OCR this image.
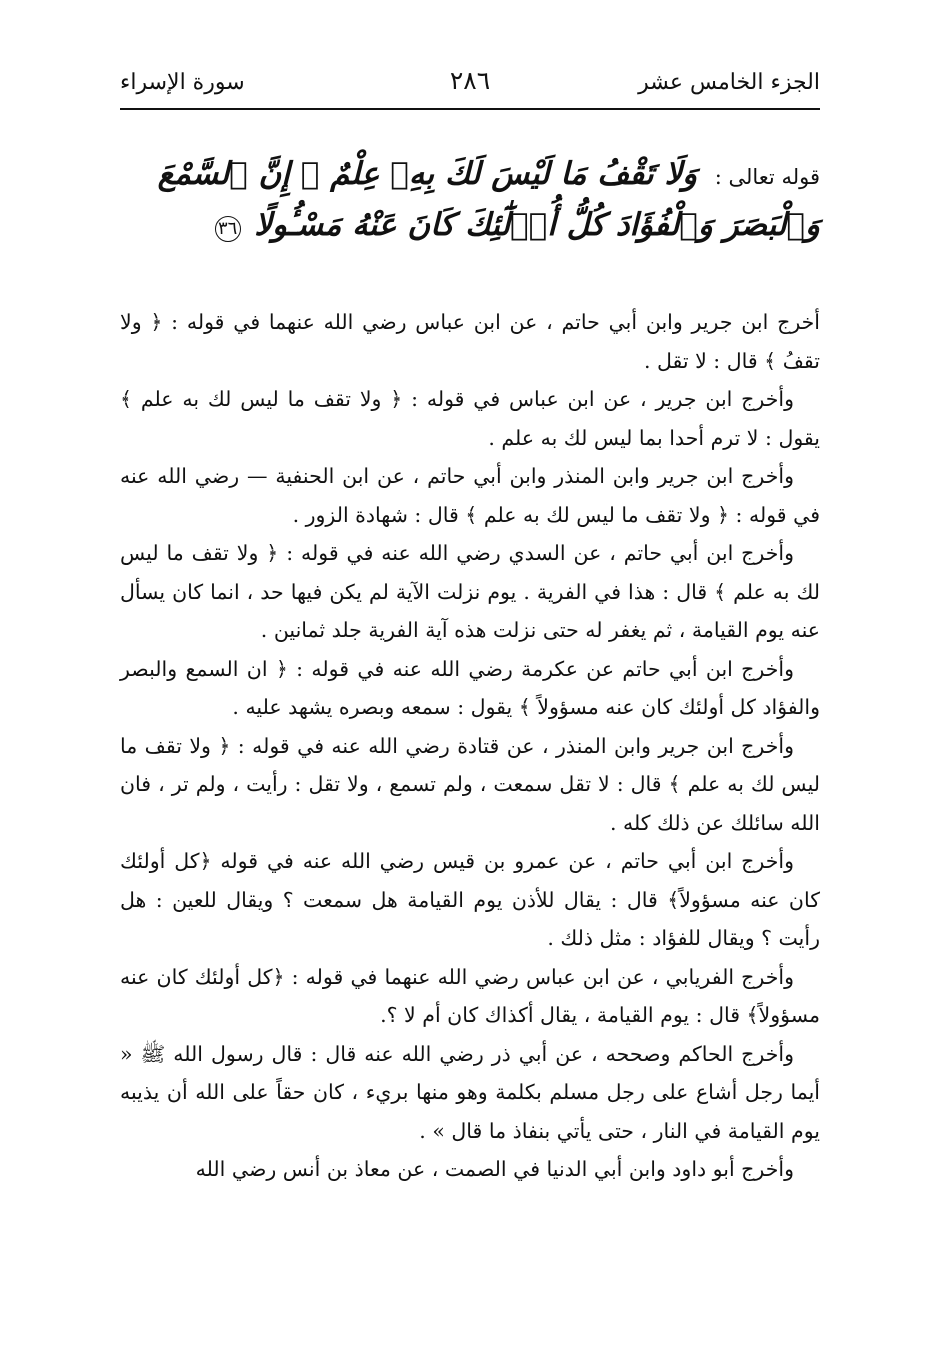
الجزء الخامس عشر
٢٨٦
سورة الإسراء
قوله تعالى : وَلَا تَقْفُ مَا لَيْسَ لَكَ بِهِۦ عِلْمٌ ۚ إِنَّ ٱلسَّمْعَ وَٱلْبَصَرَ وَٱلْفُؤَادَ كُلُّ أُو۟لَٰٓئِكَ كَانَ عَنْهُ مَسْـُٔولًا ٣٦

أخرج ابن جرير وابن أبي حاتم ، عن ابن عباس رضي الله عنهما في قوله : ﴿ ولا تقفُ ﴾ قال : لا تقل .

وأخرج ابن جرير ، عن ابن عباس في قوله : ﴿ ولا تقف ما ليس لك به علم ﴾ يقول : لا ترم أحدا بما ليس لك به علم .

وأخرج ابن جرير وابن المنذر وابن أبي حاتم ، عن ابن الحنفية — رضي الله عنه في قوله : ﴿ ولا تقف ما ليس لك به علم ﴾ قال : شهادة الزور .

وأخرج ابن أبي حاتم ، عن السدي رضي الله عنه في قوله : ﴿ ولا تقف ما ليس لك به علم ﴾ قال : هذا في الفرية . يوم نزلت الآية لم يكن فيها حد ، انما كان يسأل عنه يوم القيامة ، ثم يغفر له حتى نزلت هذه آية الفرية جلد ثمانين .

وأخرج ابن أبي حاتم عن عكرمة رضي الله عنه في قوله : ﴿ ان السمع والبصر والفؤاد كل أولئك كان عنه مسؤولاً ﴾ يقول : سمعه وبصره يشهد عليه .

وأخرج ابن جرير وابن المنذر ، عن قتادة رضي الله عنه في قوله : ﴿ ولا تقف ما ليس لك به علم ﴾ قال : لا تقل سمعت ، ولم تسمع ، ولا تقل : رأيت ، ولم تر ، فان الله سائلك عن ذلك كله .

وأخرج ابن أبي حاتم ، عن عمرو بن قيس رضي الله عنه في قوله ﴿كل أولئك كان عنه مسؤولاً﴾ قال : يقال للأذن يوم القيامة هل سمعت ؟ ويقال للعين : هل رأيت ؟ ويقال للفؤاد : مثل ذلك .

وأخرج الفريابي ، عن ابن عباس رضي الله عنهما في قوله : ﴿كل أولئك كان عنه مسؤولاً﴾ قال : يوم القيامة ، يقال أكذاك كان أم لا ؟.

وأخرج الحاكم وصححه ، عن أبي ذر رضي الله عنه قال : قال رسول الله ﷺ « أيما رجل أشاع على رجل مسلم بكلمة وهو منها بريء ، كان حقاً على الله أن يذيبه يوم القيامة في النار ، حتى يأتي بنفاذ ما قال » .

وأخرج أبو داود وابن أبي الدنيا في الصمت ، عن معاذ بن أنس رضي الله
